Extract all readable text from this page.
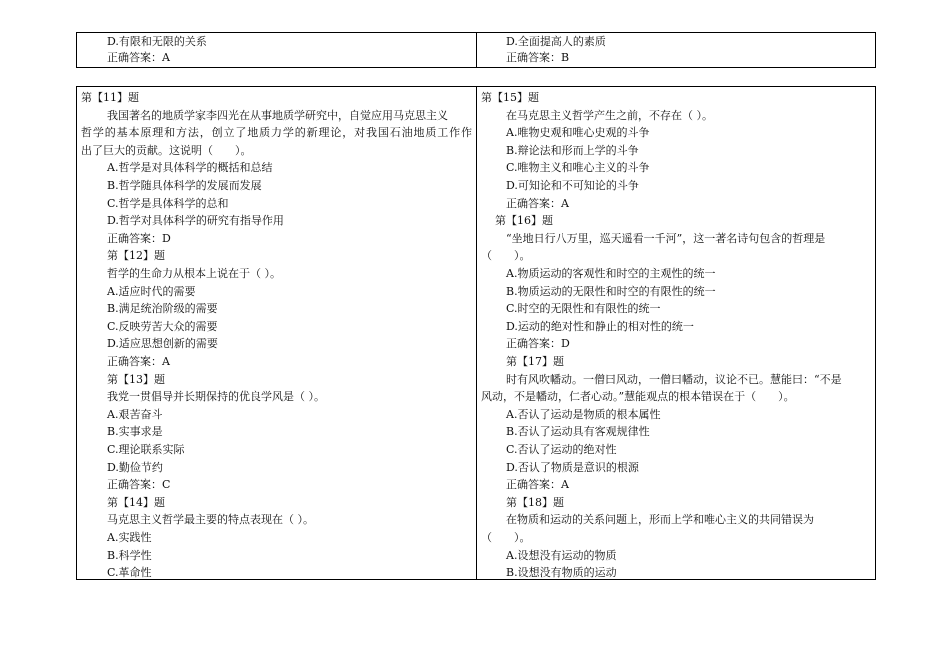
D.有限和无限的关系
正确答案：A
D.全面提高人的素质
正确答案：B
第【11】题
我国著名的地质学家李四光在从事地质学研究中，自觉应用马克思主义
哲学的基本原理和方法，创立了地质力学的新理论，对我国石油地质工作作
出了巨大的贡献。这说明（　　）。
A.哲学是对具体科学的概括和总结
B.哲学随具体科学的发展而发展
C.哲学是具体科学的总和
D.哲学对具体科学的研究有指导作用
正确答案：D
第【12】题
哲学的生命力从根本上说在于（ ）。
A.适应时代的需要
B.满足统治阶级的需要
C.反映劳苦大众的需要
D.适应思想创新的需要
正确答案：A
第【13】题
我党一贯倡导并长期保持的优良学风是（ ）。
A.艰苦奋斗
B.实事求是
C.理论联系实际
D.勤俭节约
正确答案：C
第【14】题
马克思主义哲学最主要的特点表现在（ ）。
A.实践性
B.科学性
C.革命性
第【15】题
在马克思主义哲学产生之前，不存在（ ）。
A.唯物史观和唯心史观的斗争
B.辩论法和形而上学的斗争
C.唯物主义和唯心主义的斗争
D.可知论和不可知论的斗争
正确答案：A
第【16】题
“坐地日行八万里，巡天遥看一千河”，这一著名诗句包含的哲理是
（　　）。
A.物质运动的客观性和时空的主观性的统一
B.物质运动的无限性和时空的有限性的统一
C.时空的无限性和有限性的统一
D.运动的绝对性和静止的相对性的统一
正确答案：D
第【17】题
时有风吹幡动。一僧曰风动，一僧曰幡动，议论不已。慧能曰：“不是
风动，不是幡动，仁者心动。”慧能观点的根本错误在于（　　）。
A.否认了运动是物质的根本属性
B.否认了运动具有客观规律性
C.否认了运动的绝对性
D.否认了物质是意识的根源
正确答案：A
第【18】题
在物质和运动的关系问题上，形而上学和唯心主义的共同错误为
（　　）。
A.设想没有运动的物质
B.设想没有物质的运动
